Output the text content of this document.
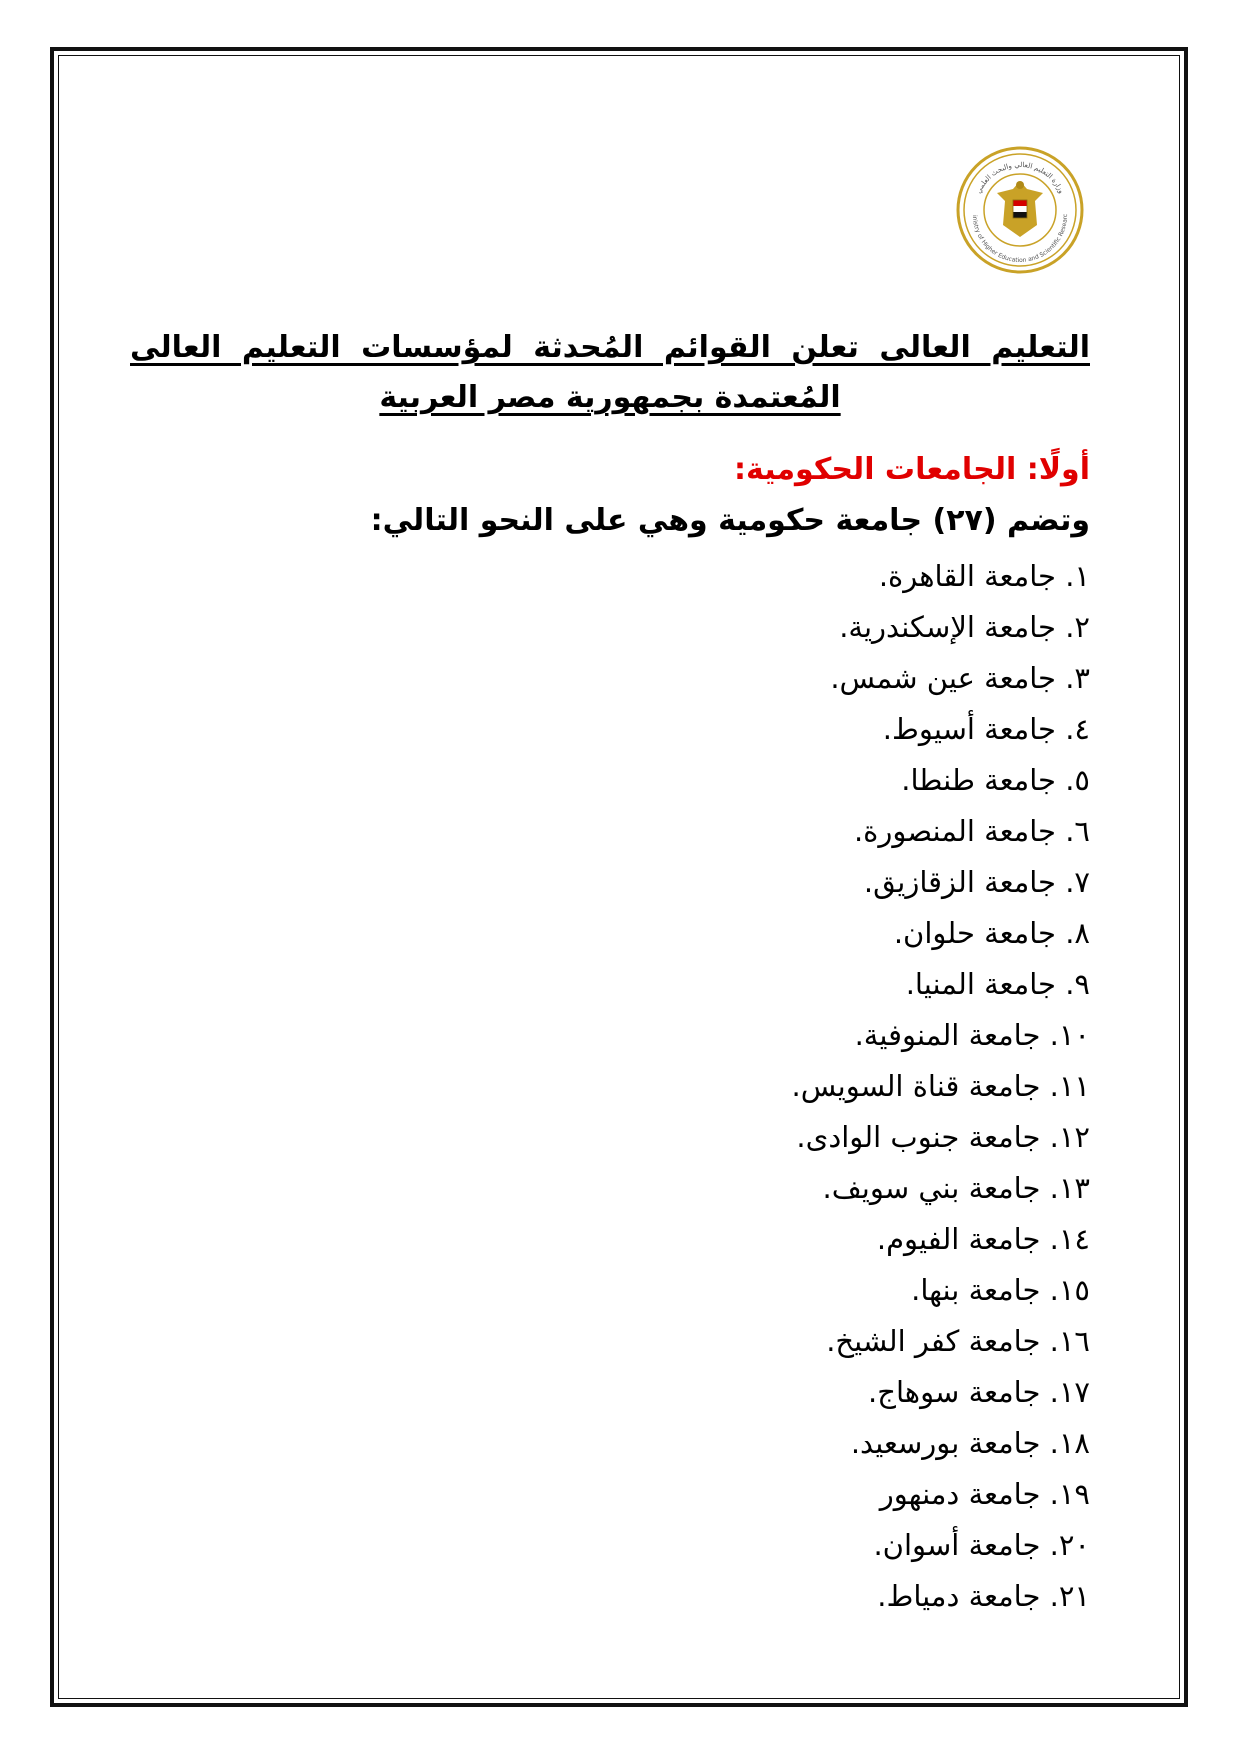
وزارة التعليم العالي والبحث العلمي
inistry of Higher Education and Scientific Researc
التعليم العالى تعلن القوائم المُحدثة لمؤسسات التعليم العالى المُعتمدة بجمهورية مصر العربية
أولًا: الجامعات الحكومية:
وتضم (٢٧) جامعة حكومية وهي على النحو التالي:
١. جامعة القاهرة.
٢. جامعة الإسكندرية.
٣. جامعة عين شمس.
٤. جامعة أسيوط.
٥. جامعة طنطا.
٦. جامعة المنصورة.
٧. جامعة الزقازيق.
٨. جامعة حلوان.
٩. جامعة المنيا.
١٠. جامعة المنوفية.
١١. جامعة قناة السويس.
١٢. جامعة جنوب الوادى.
١٣. جامعة بني سويف.
١٤. جامعة الفيوم.
١٥. جامعة بنها.
١٦. جامعة كفر الشيخ.
١٧. جامعة سوهاج.
١٨. جامعة بورسعيد.
١٩. جامعة دمنهور
٢٠. جامعة أسوان.
٢١. جامعة دمياط.
